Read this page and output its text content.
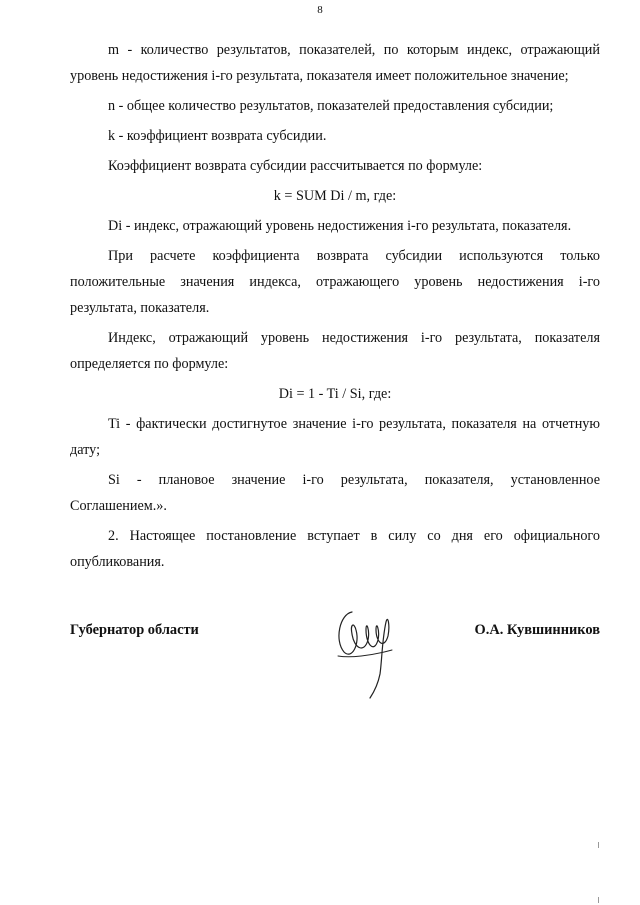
8

m - количество результатов, показателей, по которым индекс, отражающий уровень недостижения i-го результата, показателя имеет положительное значение;

n - общее количество результатов, показателей предоставления субсидии;

k - коэффициент возврата субсидии.

Коэффициент возврата субсидии рассчитывается по формуле:

k = SUM Di / m, где:

Di - индекс, отражающий уровень недостижения i-го результата, показателя.

При расчете коэффициента возврата субсидии используются только положительные значения индекса, отражающего уровень недостижения i-го результата, показателя.

Индекс, отражающий уровень недостижения i-го результата, показателя определяется по формуле:

Di = 1 - Ti / Si, где:

Ti - фактически достигнутое значение i-го результата, показателя на отчетную дату;

Si - плановое значение i-го результата, показателя, установленное Соглашением.».

2. Настоящее постановление вступает в силу со дня его официального опубликования.

Губернатор области	О.А. Кувшинников
